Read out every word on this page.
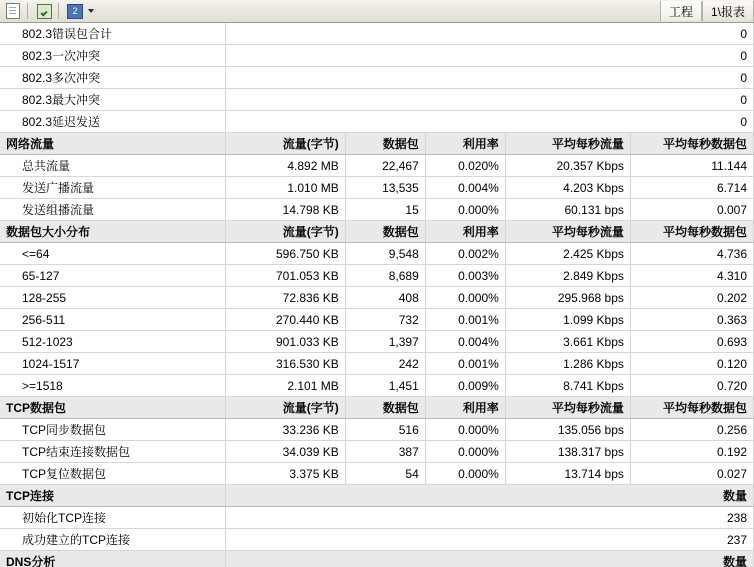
2	工程	1\报表
802.3错误包合计	0				
802.3一次冲突	0				
802.3多次冲突	0				
802.3最大冲突	0				
802.3延迟发送	0				
网络流量	流量(字节)	数据包	利用率	平均每秒流量	平均每秒数据包
总共流量	4.892 MB	22,467	0.020%	20.357 Kbps	11.144
发送广播流量	1.010 MB	13,535	0.004%	4.203 Kbps	6.714
发送组播流量	14.798 KB	15	0.000%	60.131 bps	0.007
数据包大小分布	流量(字节)	数据包	利用率	平均每秒流量	平均每秒数据包
<=64	596.750 KB	9,548	0.002%	2.425 Kbps	4.736
65-127	701.053 KB	8,689	0.003%	2.849 Kbps	4.310
128-255	72.836 KB	408	0.000%	295.968 bps	0.202
256-511	270.440 KB	732	0.001%	1.099 Kbps	0.363
512-1023	901.033 KB	1,397	0.004%	3.661 Kbps	0.693
1024-1517	316.530 KB	242	0.001%	1.286 Kbps	0.120
>=1518	2.101 MB	1,451	0.009%	8.741 Kbps	0.720
TCP数据包	流量(字节)	数据包	利用率	平均每秒流量	平均每秒数据包
TCP同步数据包	33.236 KB	516	0.000%	135.056 bps	0.256
TCP结束连接数据包	34.039 KB	387	0.000%	138.317 bps	0.192
TCP复位数据包	3.375 KB	54	0.000%	13.714 bps	0.027
TCP连接	数量				
初始化TCP连接	238				
成功建立的TCP连接	237				
DNS分析	数量				
